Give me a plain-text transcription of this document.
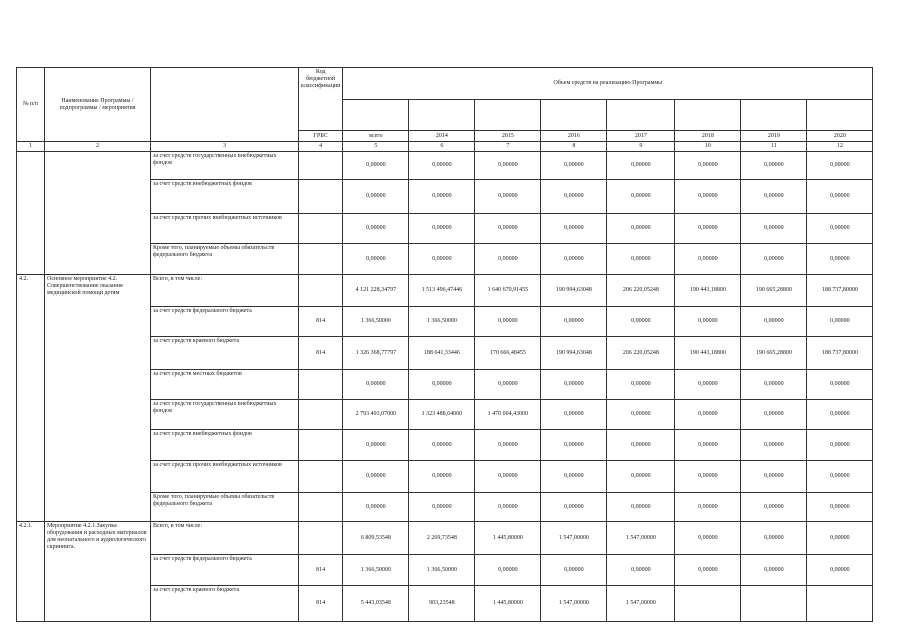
№ п/п	Наименование Программы / подпрограммы / мероприятия		Код бюджетной классификации	Объем средств на реализацию Программы							

			ГРБС	всего	2014	2015	2016	2017	2018	2019	2020
1	2	3	4	5	6	7	8	9	10	11	12
		за счет средств государственных внебюджетных фондов		0,00000	0,00000	0,00000	0,00000	0,00000	0,00000	0,00000	0,00000
		за счет средств внебюджетных фондов		0,00000	0,00000	0,00000	0,00000	0,00000	0,00000	0,00000	0,00000
		за счет средств прочих внебюджетных источников		0,00000	0,00000	0,00000	0,00000	0,00000	0,00000	0,00000	0,00000
		Кроме того, планируемые объемы обязательств федерального бюджета		0,00000	0,00000	0,00000	0,00000	0,00000	0,00000	0,00000	0,00000
4.2.	Основное мероприятие 4.2. Совершенствование оказания медицинской помощи детям	Всего, в том числе:		4 121 228,34797	1 513 496,47446	1 640 670,91455	190 994,63048	206 220,05248	190 443,18800	190 665,28800	188 737,80000
		за счет средств федерального бюджета	814	1 366,50000	1 366,50000	0,00000	0,00000	0,00000	0,00000	0,00000	0,00000
		за счет средств краевого бюджета	814	1 326 368,77797	188 641,33446	170 666,48455	190 994,63048	206 220,05248	190 443,18800	190 665,28800	188 737,80000
		за счет средств местных бюджетов		0,00000	0,00000	0,00000	0,00000	0,00000	0,00000	0,00000	0,00000
		за счет средств государственных внебюджетных фондов		2 793 493,07000	1 323 488,64000	1 470 004,43000	0,00000	0,00000	0,00000	0,00000	0,00000
		за счет средств внебюджетных фондов		0,00000	0,00000	0,00000	0,00000	0,00000	0,00000	0,00000	0,00000
		за счет средств прочих внебюджетных источников		0,00000	0,00000	0,00000	0,00000	0,00000	0,00000	0,00000	0,00000
		Кроме того, планируемые объемы обязательств федерального бюджета		0,00000	0,00000	0,00000	0,00000	0,00000	0,00000	0,00000	0,00000
4.2.1.	Мероприятие 4.2.1.Закупка оборудования и расходных материалов для неонатального и аудиологического скрининга.	Всего, в том числе:		6 809,53548	2 269,73548	1 445,80000	1 547,00000	1 547,00000	0,00000	0,00000	0,00000
		за счет средств федерального бюджета	814	1 366,50000	1 366,50000	0,00000	0,00000	0,00000	0,00000	0,00000	0,00000
		за счет средств краевого бюджета	814	5 443,03548	903,23548	1 445,80000	1 547,00000	1 547,00000			
